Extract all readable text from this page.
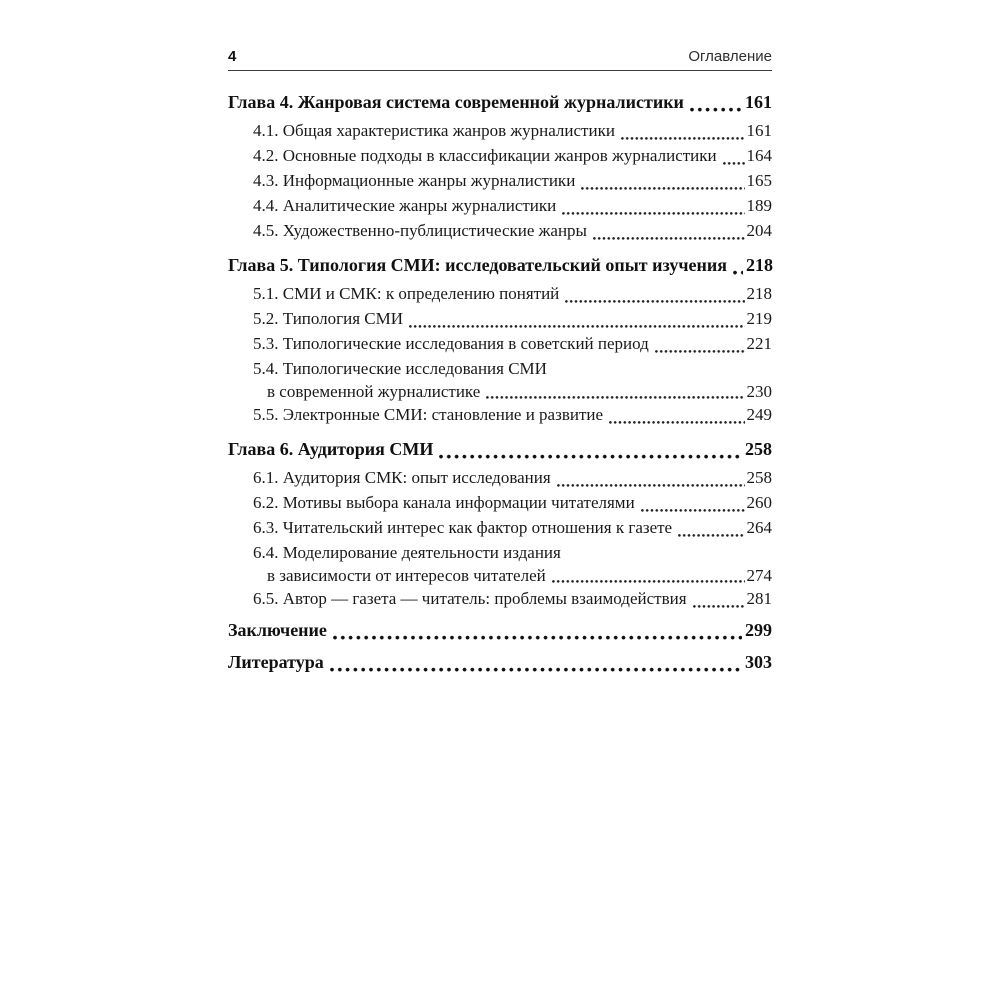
4	Оглавление
Глава 4. Жанровая система современной журналистики	161
4.1. Общая характеристика жанров журналистики	161
4.2. Основные подходы в классификации жанров журналистики 164
4.3. Информационные жанры журналистики	165
4.4. Аналитические жанры журналистики	189
4.5. Художественно-публицистические жанры	204
Глава 5. Типология СМИ: исследовательский опыт изучения 218
5.1. СМИ и СМК: к определению понятий	218
5.2. Типология СМИ	219
5.3. Типологические исследования в советский период	221
5.4. Типологические исследования СМИ
в современной журналистике	230
5.5. Электронные СМИ: становление и развитие	249
Глава 6. Аудитория СМИ	258
6.1. Аудитория СМК: опыт исследования	258
6.2. Мотивы выбора канала информации читателями	260
6.3. Читательский интерес как фактор отношения к газете	264
6.4. Моделирование деятельности издания
в зависимости от интересов читателей	274
6.5. Автор — газета — читатель: проблемы взаимодействия	281
Заключение	299
Литература	303
